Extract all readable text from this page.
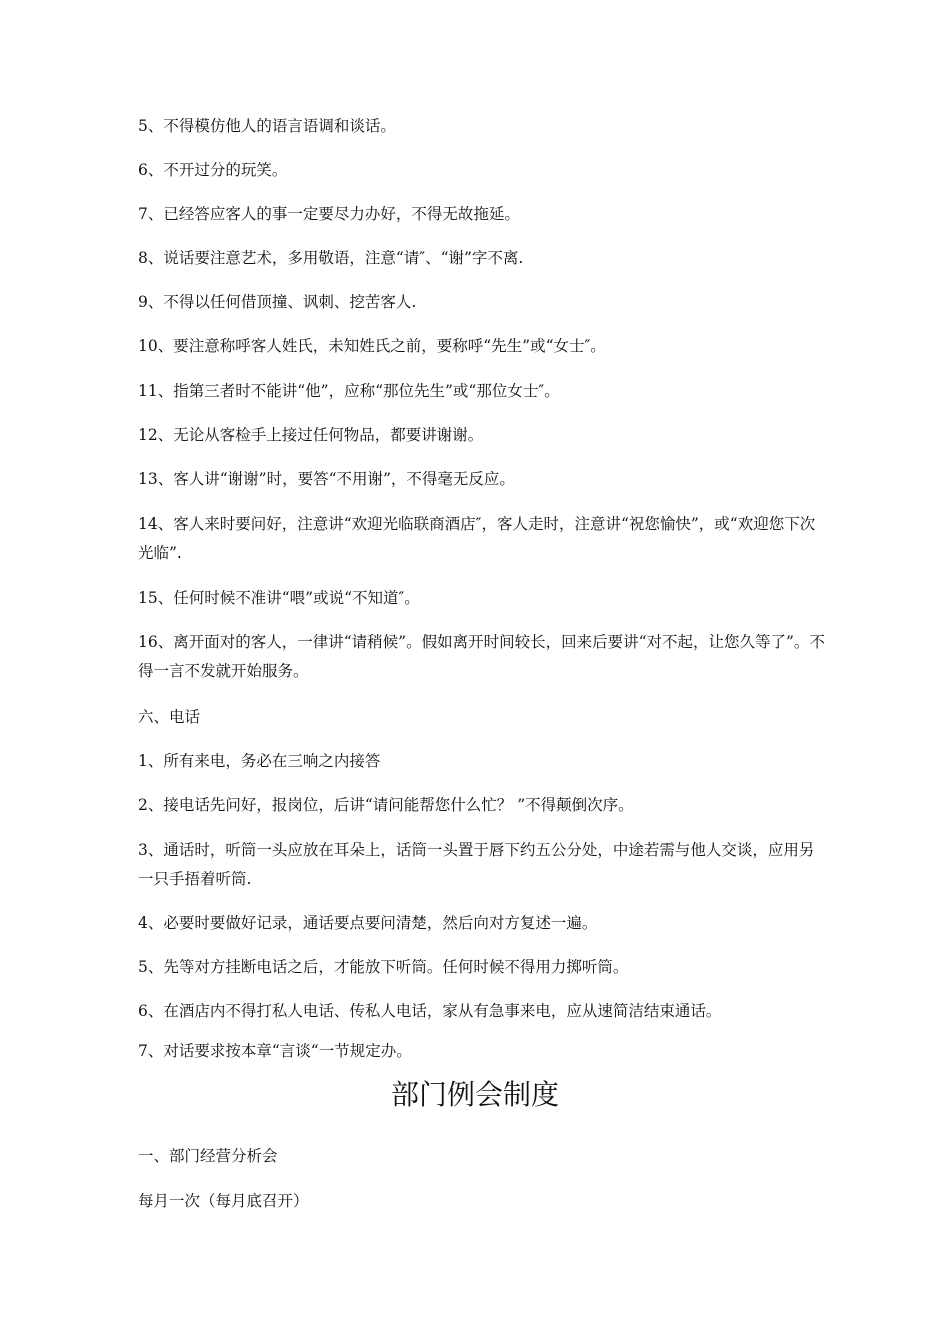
5、不得模仿他人的语言语调和谈话。

6、不开过分的玩笑。

7、已经答应客人的事一定要尽力办好，不得无故拖延。

8、说话要注意艺术，多用敬语，注意“请″、“谢”字不离.

9、不得以任何借顶撞、讽刺、挖苦客人.

10、要注意称呼客人姓氏，未知姓氏之前，要称呼“先生”或“女士″。

11、指第三者时不能讲“他”，应称“那位先生”或“那位女士″。

12、无论从客检手上接过任何物品，都要讲谢谢。

13、客人讲“谢谢”时，要答“不用谢”，不得毫无反应。

14、客人来时要问好，注意讲“欢迎光临联商酒店″，客人走时，注意讲“祝您愉快”，或“欢迎您下次光临”.

15、任何时候不准讲“喂”或说“不知道″。

16、离开面对的客人，一律讲“请稍候”。假如离开时间较长，回来后要讲“对不起，让您久等了”。不得一言不发就开始服务。

六、电话

1、所有来电，务必在三响之内接答

2、接电话先问好，报岗位，后讲“请问能帮您什么忙？ ”不得颠倒次序。

3、通话时，听筒一头应放在耳朵上，话筒一头置于唇下约五公分处，中途若需与他人交谈，应用另一只手捂着听筒.

4、必要时要做好记录，通话要点要问清楚，然后向对方复述一遍。

5、先等对方挂断电话之后，才能放下听筒。任何时候不得用力掷听筒。

6、在酒店内不得打私人电话、传私人电话，家从有急事来电，应从速简洁结束通话。

7、对话要求按本章“言谈“一节规定办。

部门例会制度

一、部门经营分析会

每月一次（每月底召开）
